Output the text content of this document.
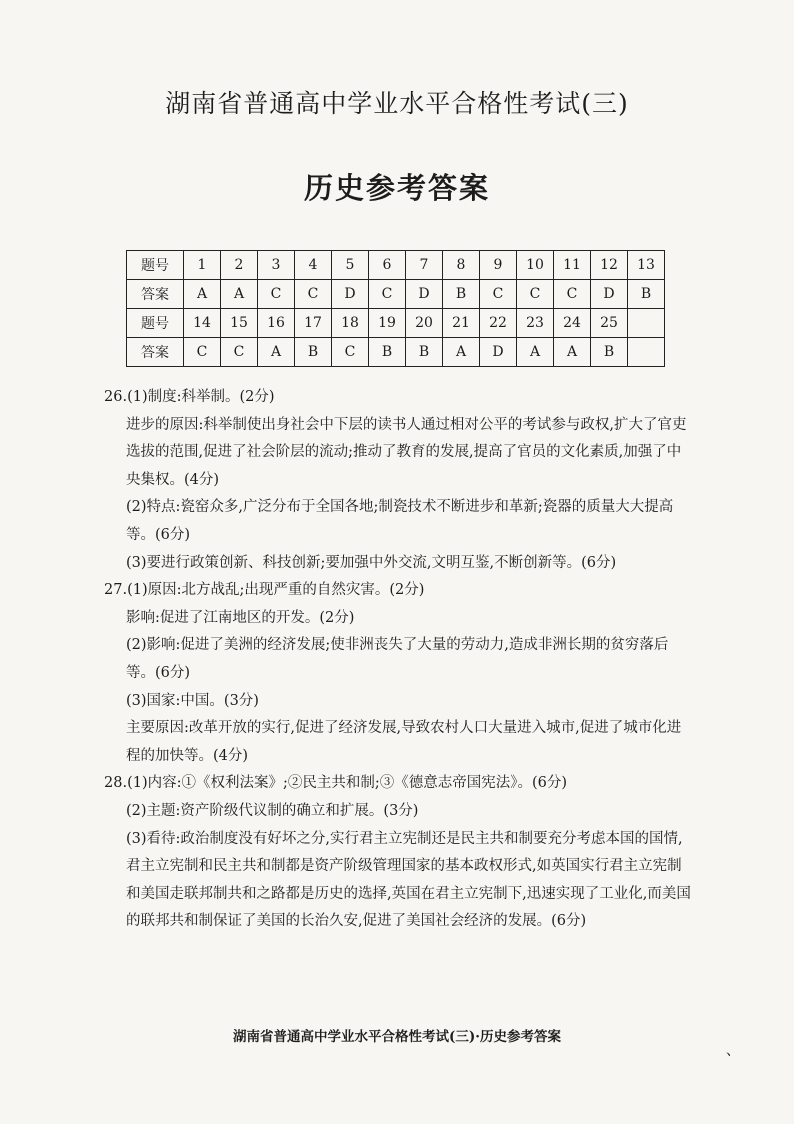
湖南省普通高中学业水平合格性考试(三)
历史参考答案
题号	1	2	3	4	5	6	7	8	9	10	11	12	13
答案	A	A	C	C	D	C	D	B	C	C	C	D	B
题号	14	15	16	17	18	19	20	21	22	23	24	25	
答案	C	C	A	B	C	B	B	A	D	A	A	B	

26.(1)制度:科举制。(2分)

进步的原因:科举制使出身社会中下层的读书人通过相对公平的考试参与政权,扩大了官吏选拔的范围,促进了社会阶层的流动;推动了教育的发展,提高了官员的文化素质,加强了中央集权。(4分)

(2)特点:瓷窑众多,广泛分布于全国各地;制瓷技术不断进步和革新;瓷器的质量大大提高等。(6分)

(3)要进行政策创新、科技创新;要加强中外交流,文明互鉴,不断创新等。(6分)

27.(1)原因:北方战乱;出现严重的自然灾害。(2分)

影响:促进了江南地区的开发。(2分)

(2)影响:促进了美洲的经济发展;使非洲丧失了大量的劳动力,造成非洲长期的贫穷落后等。(6分)

(3)国家:中国。(3分)

主要原因:改革开放的实行,促进了经济发展,导致农村人口大量进入城市,促进了城市化进程的加快等。(4分)

28.(1)内容:①《权利法案》;②民主共和制;③《德意志帝国宪法》。(6分)

(2)主题:资产阶级代议制的确立和扩展。(3分)

(3)看待:政治制度没有好坏之分,实行君主立宪制还是民主共和制要充分考虑本国的国情,君主立宪制和民主共和制都是资产阶级管理国家的基本政权形式,如英国实行君主立宪制和美国走联邦制共和之路都是历史的选择,英国在君主立宪制下,迅速实现了工业化,而美国的联邦共和制保证了美国的长治久安,促进了美国社会经济的发展。(6分)

湖南省普通高中学业水平合格性考试(三)·历史参考答案
、
